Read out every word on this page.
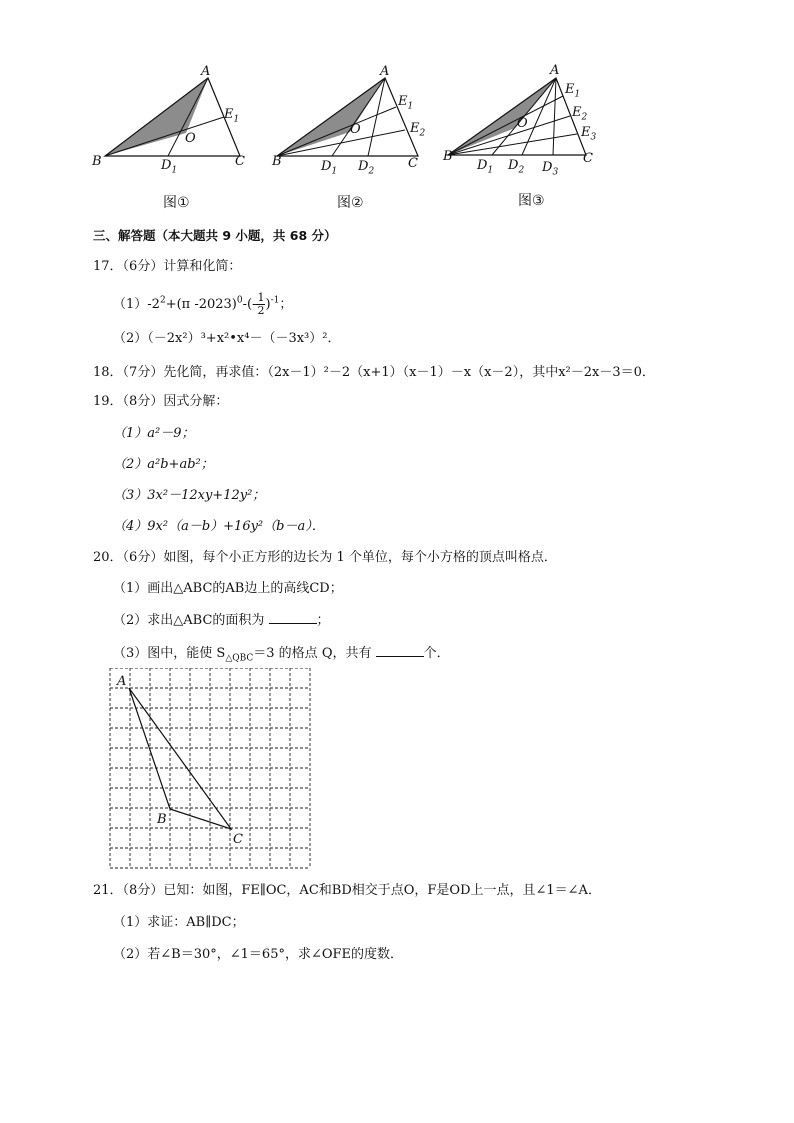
A
B	C
O
$D_1$
$E_1$
图①
A
B	C
O
$D_1$ $D_2$
$E_1$
$E_2$
图②
A
B	C
O
$D_1$ $D_2$ $D_3$
$E_1$
$E_2$
$E_3$
图③
三、解答题（本大题共 9 小题，共 68 分）
17．（6分）计算和化简：
$(1)-2^2+(\pi$ $-2023)^0-(- \frac{1}{2} )^{-1}$；
（2）（－2x²）³+x²•x⁴－（－3x³）²．
18．（7分）先化简，再求值：（2x－1）²－2（x+1）（x－1）－x（x－2），其中x²－2x－3＝0．
19．（8分）因式分解：
（1）a²－9；
（2）a²b+ab²；
（3）3x²－12xy+12y²；
（4）9x²（a－b）+16y²（b－a）．
20．（6分）如图，每个小正方形的边长为 1 个单位，每个小方格的顶点叫格点．
（1）画出△ABC的AB边上的高线CD；
（2）求出△ABC的面积为	；
（3）图中，能使 $S_{\triangle QBC}=3$ 的格点 Q，共有	个．
A
B
C
21．（8分）已知：如图，FE∥OC，AC和BD相交于点O，F是OD上一点，且∠1＝∠A．
（1）求证：AB∥DC；
（2）若∠B＝30°，∠1＝65°，求∠OFE的度数．
